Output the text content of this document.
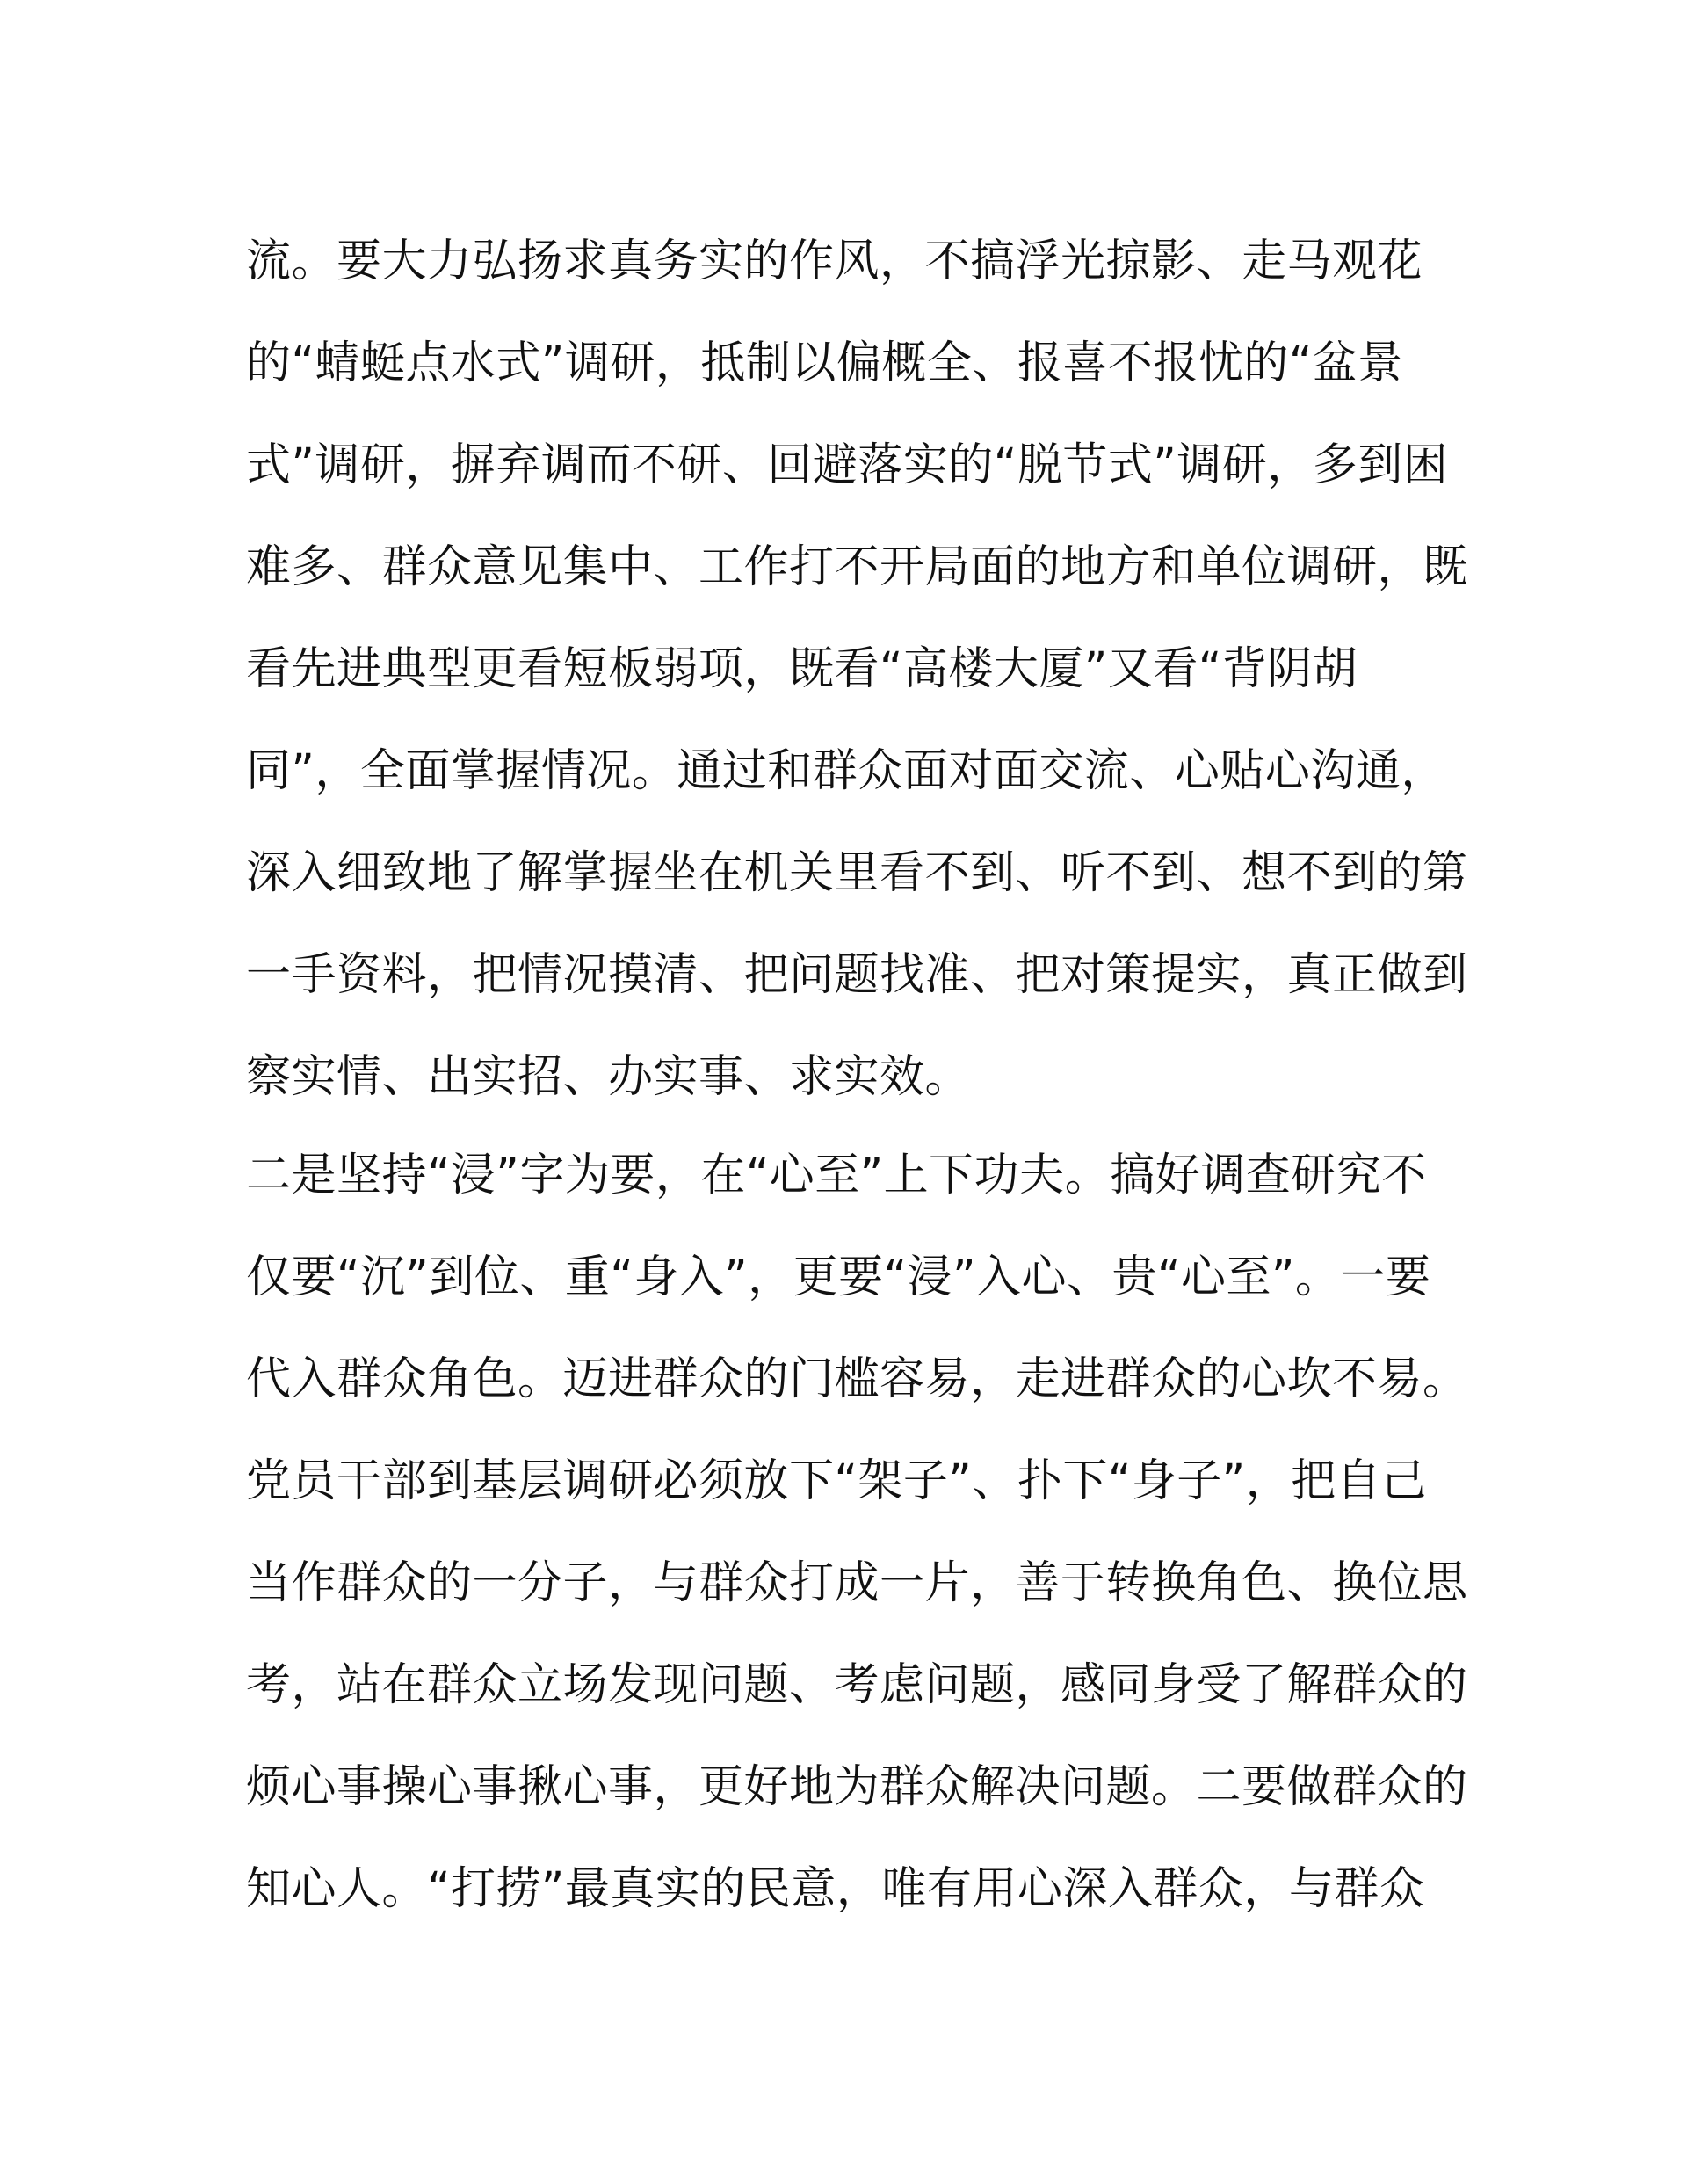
流。要大力弘扬求真务实的作风，不搞浮光掠影、走马观花
的“蜻蜓点水式”调研，抵制以偏概全、报喜不报忧的“盆景
式”调研，摒弃调而不研、回避落实的“脱节式”调研，多到困
难多、群众意见集中、工作打不开局面的地方和单位调研，既
看先进典型更看短板弱项，既看“高楼大厦”又看“背阴胡
同”，全面掌握情况。通过和群众面对面交流、心贴心沟通，
深入细致地了解掌握坐在机关里看不到、听不到、想不到的第
一手资料，把情况摸清、把问题找准、把对策提实，真正做到
察实情、出实招、办实事、求实效。
二是坚持“浸”字为要，在“心至”上下功夫。搞好调查研究不
仅要“沉”到位、重“身入”，更要“浸”入心、贵“心至”。一要
代入群众角色。迈进群众的门槛容易，走进群众的心坎不易。
党员干部到基层调研必须放下“架子”、扑下“身子”，把自己
当作群众的一分子，与群众打成一片，善于转换角色、换位思
考，站在群众立场发现问题、考虑问题，感同身受了解群众的
烦心事操心事揪心事，更好地为群众解决问题。二要做群众的
知心人。“打捞”最真实的民意，唯有用心深入群众，与群众
